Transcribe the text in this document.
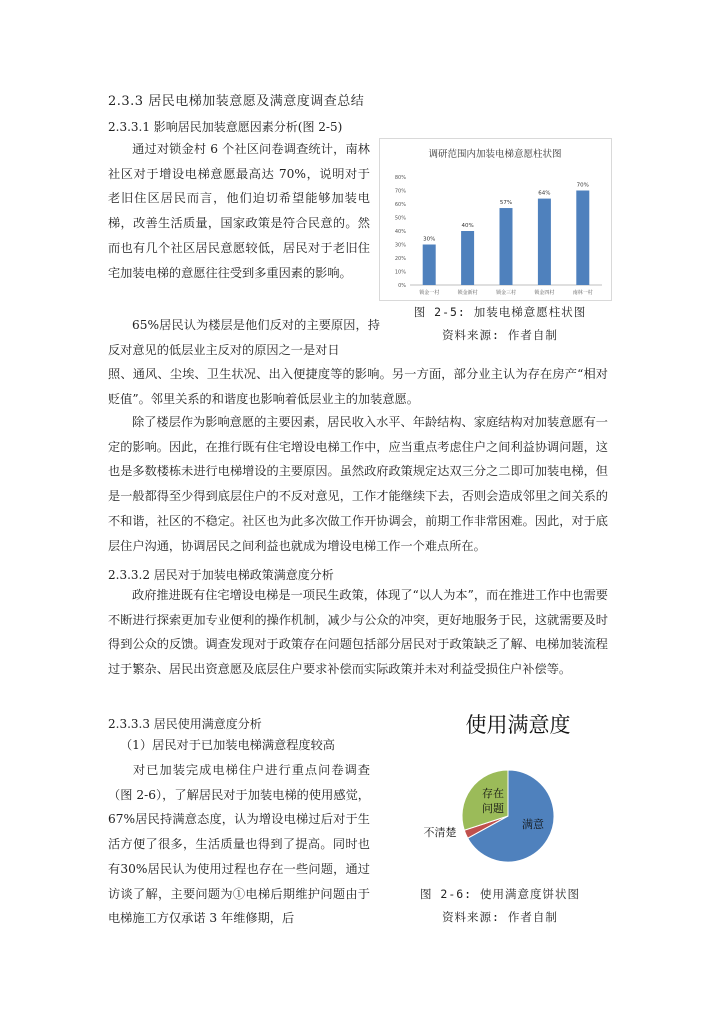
2.3.3 居民电梯加装意愿及满意度调查总结
2.3.3.1 影响居民加装意愿因素分析(图 2-5)

通过对锁金村 6 个社区问卷调查统计，南林社区对于增设电梯意愿最高达 70%，说明对于老旧住区居民而言，他们迫切希望能够加装电梯，改善生活质量，国家政策是符合民意的。然而也有几个社区居民意愿较低，居民对于老旧住宅加装电梯的意愿往往受到多重因素的影响。

调研范围内加装电梯意愿柱状图
0%
10%
20%
30%
40%
50%
60%
70%
80%
30%
锁金一村
40%
锁金新村
57%
锁金三村
64%
锁金四村
70%
南林一村
图 2-5: 加装电梯意愿柱状图
资料来源: 作者自制
65%居民认为楼层是他们反对的主要原因，持反对意见的低层业主反对的原因之一是对日
照、通风、尘埃、卫生状况、出入便捷度等的影响。另一方面，部分业主认为存在房产“相对贬值”。邻里关系的和谐度也影响着低层业主的加装意愿。

除了楼层作为影响意愿的主要因素，居民收入水平、年龄结构、家庭结构对加装意愿有一定的影响。因此，在推行既有住宅增设电梯工作中，应当重点考虑住户之间利益协调问题，这也是多数楼栋未进行电梯增设的主要原因。虽然政府政策规定达双三分之二即可加装电梯，但是一般都得至少得到底层住户的不反对意见，工作才能继续下去，否则会造成邻里之间关系的不和谐，社区的不稳定。社区也为此多次做工作开协调会，前期工作非常困难。因此，对于底层住户沟通，协调居民之间利益也就成为增设电梯工作一个难点所在。

2.3.3.2 居民对于加装电梯政策满意度分析

政府推进既有住宅增设电梯是一项民生政策，体现了“以人为本”，而在推进工作中也需要不断进行探索更加专业便利的操作机制，减少与公众的冲突，更好地服务于民，这就需要及时得到公众的反馈。调查发现对于政策存在问题包括部分居民对于政策缺乏了解、电梯加装流程过于繁杂、居民出资意愿及底层住户要求补偿而实际政策并未对利益受损住户补偿等。

2.3.3.3 居民使用满意度分析
（1）居民对于已加装电梯满意程度较高

对已加装完成电梯住户进行重点问卷调查（图 2-6），了解居民对于加装电梯的使用感觉，67%居民持满意态度，认为增设电梯过后对于生活方便了很多，生活质量也得到了提高。同时也有30%居民认为使用过程也存在一些问题，通过访谈了解，主要问题为①电梯后期维护问题由于电梯施工方仅承诺 3 年维修期，后

使用满意度
满意
不清楚
存在
问题
图 2-6: 使用满意度饼状图
资料来源: 作者自制
